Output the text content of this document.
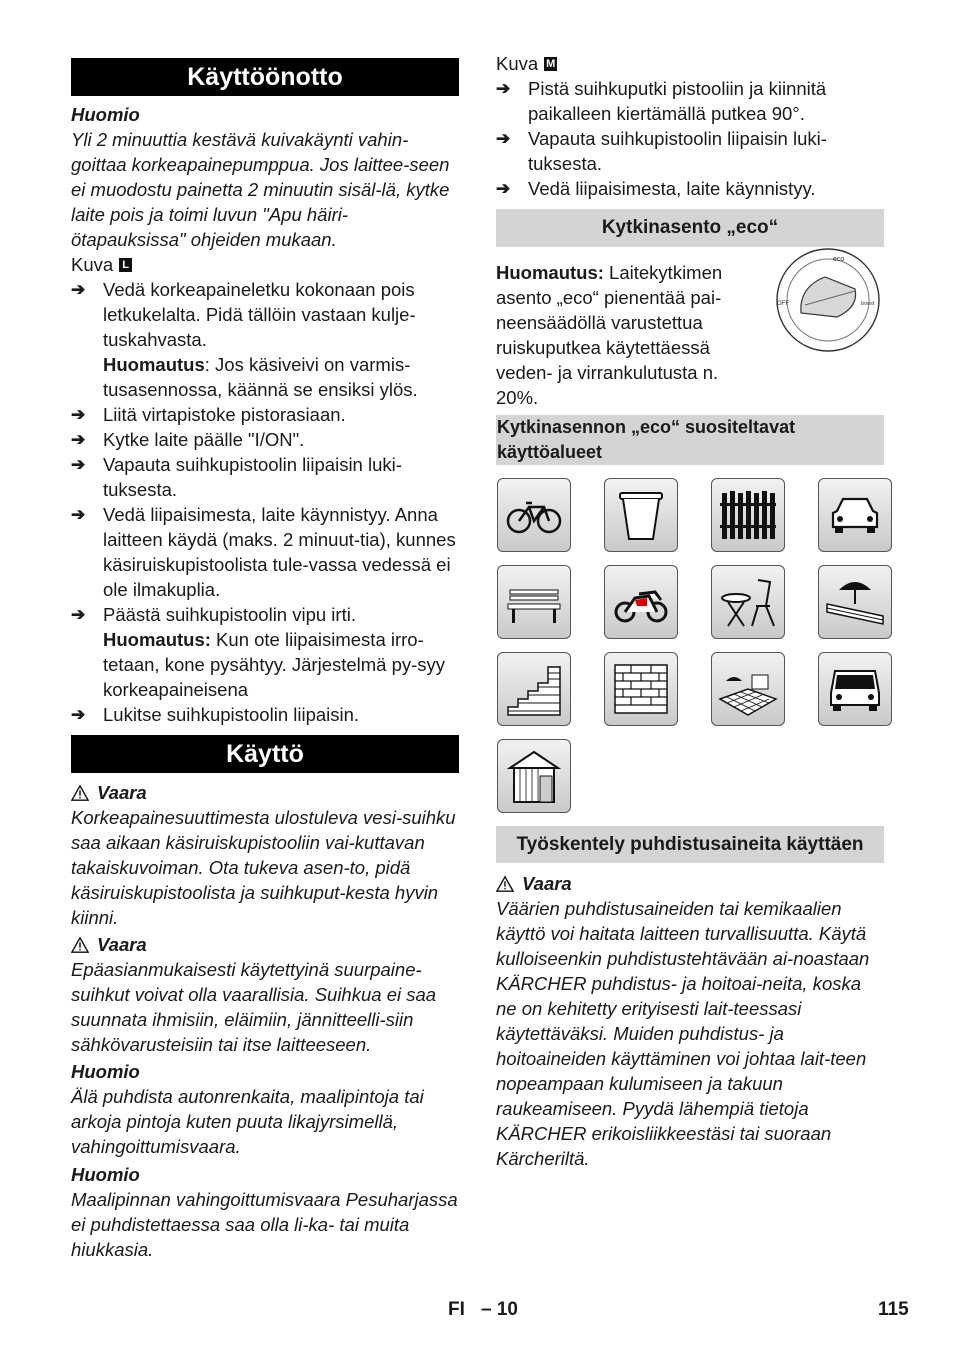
Käyttöönotto

Huomio

Yli 2 minuuttia kestävä kuivakäynti vahin-goittaa korkeapainepumppua. Jos laittee-seen ei muodostu painetta 2 minuutin sisäl-lä, kytke laite pois ja toimi luvun "Apu häiri-ötapauksissa" ohjeiden mukaan.

Kuva L
➔ Vedä korkeapaineletku kokonaan pois letkukelalta. Pidä tällöin vastaan kulje-tuskahvasta.
Huomautus: Jos käsiveivi on varmis-tusasennossa, käännä se ensiksi ylös.
➔ Liitä virtapistoke pistorasiaan.
➔ Kytke laite päälle "I/ON".
➔ Vapauta suihkupistoolin liipaisin luki-tuksesta.
➔ Vedä liipaisimesta, laite käynnistyy. Anna laitteen käydä (maks. 2 minuut-tia), kunnes käsiruiskupistoolista tule-vassa vedessä ei ole ilmakuplia.
➔ Päästä suihkupistoolin vipu irti.
Huomautus: Kun ote liipaisimesta irro-tetaan, kone pysähtyy. Järjestelmä py-syy korkeapaineisena
➔ Lukitse suihkupistoolin liipaisin.
Käyttö
Vaara

Korkeapainesuuttimesta ulostuleva vesi-suihku saa aikaan käsiruiskupistooliin vai-kuttavan takaiskuvoiman. Ota tukeva asen-to, pidä käsiruiskupistoolista ja suihkuput-kesta hyvin kiinni.

Vaara

Epäasianmukaisesti käytettyinä suurpaine-suihkut voivat olla vaarallisia. Suihkua ei saa suunnata ihmisiin, eläimiin, jännitteelli-siin sähkövarusteisiin tai itse laitteeseen.

Huomio

Älä puhdista autonrenkaita, maalipintoja tai arkoja pintoja kuten puuta likajyrsimellä, vahingoittumisvaara.

Huomio

Maalipinnan vahingoittumisvaara Pesuharjassa ei puhdistettaessa saa olla li-ka- tai muita hiukkasia.

Kuva M
➔ Pistä suihkuputki pistooliin ja kiinnitä paikalleen kiertämällä putkea 90°.
➔ Vapauta suihkupistoolin liipaisin luki-tuksesta.
➔ Vedä liipaisimesta, laite käynnistyy.
Kytkinasento „eco“

Huomautus: Laitekytkimen asento „eco“ pienentää pai-neensäädöllä varustettua ruiskuputkea käytettäessä veden- ja virrankulutusta n. 20%.

eco
OFF	boost
Kytkinasennon „eco“ suositeltavat käyttöalueet
Työskentely puhdistusaineita käyttäen
Vaara

Väärien puhdistusaineiden tai kemikaalien käyttö voi haitata laitteen turvallisuutta. Käytä kulloiseenkin puhdistustehtävään ai-noastaan KÄRCHER puhdistus- ja hoitoai-neita, koska ne on kehitetty erityisesti lait-teessasi käytettäväksi. Muiden puhdistus- ja hoitoaineiden käyttäminen voi johtaa lait-teen nopeampaan kulumiseen ja takuun raukeamiseen. Pyydä lähempiä tietoja KÄRCHER erikoisliikkeestäsi tai suoraan Kärcheriltä.

FI – 10	115
